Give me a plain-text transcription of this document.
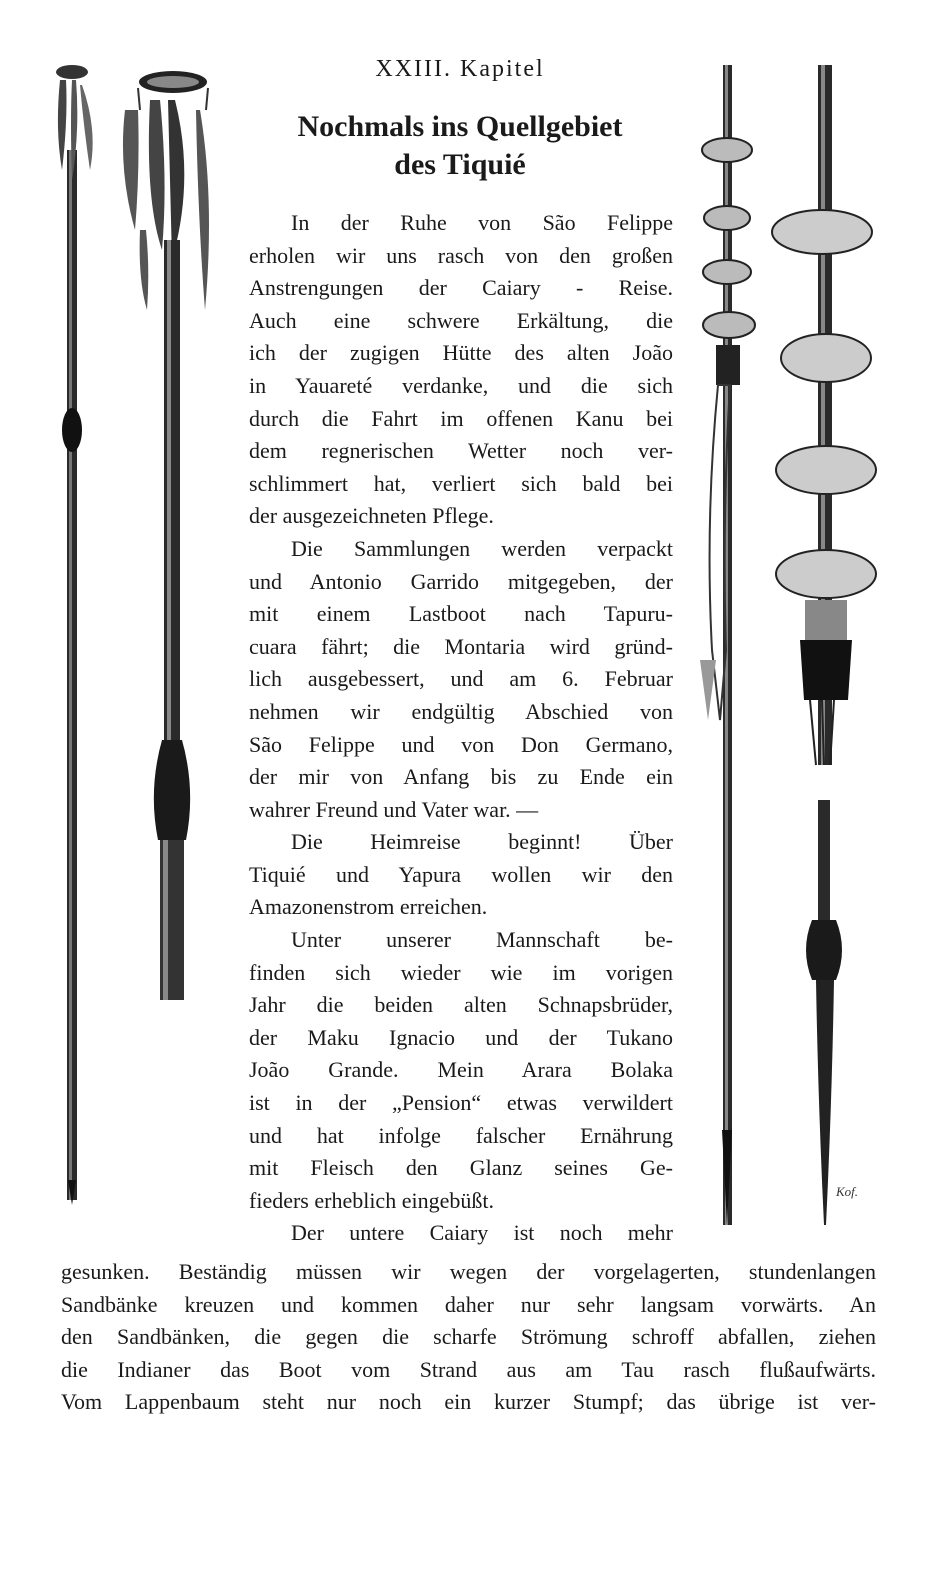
Kof.
XXIII. Kapitel
Nochmals ins Quellgebiet
des Tiquié
In der Ruhe von São Felippe
erholen wir uns rasch von den großen
Anstrengungen der Caiary - Reise.
Auch eine schwere Erkältung, die
ich der zugigen Hütte des alten João
in Yauareté verdanke, und die sich
durch die Fahrt im offenen Kanu bei
dem regnerischen Wetter noch ver-
schlimmert hat, verliert sich bald bei
der ausgezeichneten Pflege.
Die Sammlungen werden verpackt
und Antonio Garrido mitgegeben, der
mit einem Lastboot nach Tapuru-
cuara fährt; die Montaria wird gründ-
lich ausgebessert, und am 6. Februar
nehmen wir endgültig Abschied von
São Felippe und von Don Germano,
der mir von Anfang bis zu Ende ein
wahrer Freund und Vater war. —
Die Heimreise beginnt! Über
Tiquié und Yapura wollen wir den
Amazonenstrom erreichen.
Unter unserer Mannschaft be-
finden sich wieder wie im vorigen
Jahr die beiden alten Schnapsbrüder,
der Maku Ignacio und der Tukano
João Grande. Mein Arara Bolaka
ist in der „Pension“ etwas verwildert
und hat infolge falscher Ernährung
mit Fleisch den Glanz seines Ge-
fieders erheblich eingebüßt.
Der untere Caiary ist noch mehr
gesunken. Beständig müssen wir wegen der vorgelagerten, stundenlangen
Sandbänke kreuzen und kommen daher nur sehr langsam vorwärts. An
den Sandbänken, die gegen die scharfe Strömung schroff abfallen, ziehen
die Indianer das Boot vom Strand aus am Tau rasch flußaufwärts.
Vom Lappenbaum steht nur noch ein kurzer Stumpf; das übrige ist ver-
